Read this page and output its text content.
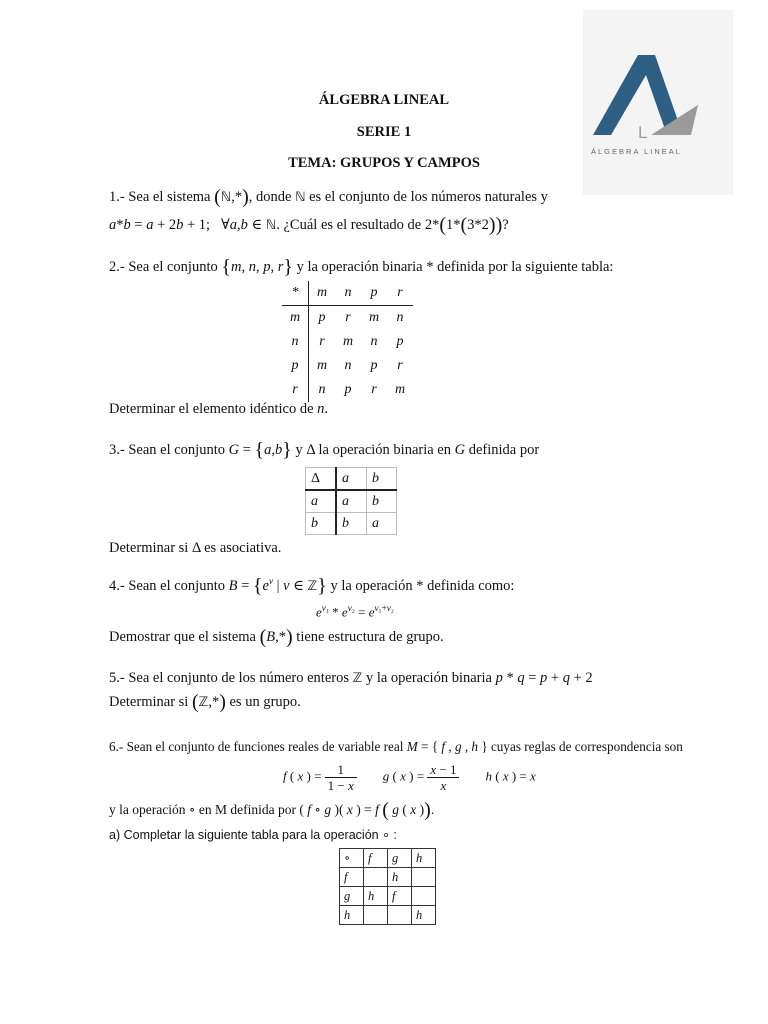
L
ÁLGEBRA LINEAL
ÁLGEBRA LINEAL
SERIE 1
TEMA: GRUPOS Y CAMPOS
1.- Sea el sistema (ℕ,*), donde ℕ es el conjunto de los números naturales y
a*b = a + 2b + 1;   ∀a,b ∈ ℕ. ¿Cuál es el resultado de 2*(1*(3*2))?
2.- Sea el conjunto {m, n, p, r} y la operación binaria * definida por la siguiente tabla:
*	m	n	p	r
m	p	r	m	n
n	r	m	n	p
p	m	n	p	r
r	n	p	r	m
Determinar el elemento idéntico de n.
3.- Sean el conjunto G = {a,b} y Δ la operación binaria en G definida por
Δ	a	b
a	a	b
b	b	a
Determinar si Δ es asociativa.
4.- Sean el conjunto $B = \{e^v$ | v ∈ ℤ} y la operación * definida como:
$e^{v_1} * e^{v_2} = e^{v_1+v_2}$
Demostrar que el sistema (B,*) tiene estructura de grupo.
5.- Sea el conjunto de los número enteros ℤ y la operación binaria p * q = p + q + 2
Determinar si (ℤ,*) es un grupo.
6.- Sean el conjunto de funciones reales de variable real M = { f , g , h } cuyas reglas de correspondencia son
f ( x ) = $\frac{1}{1 - x}$ g ( x ) = $\frac{x - 1}{x}$ h ( x ) = x
y la operación ∘ en M definida por ( f ∘ g )( x ) = f ( g ( x )).
a) Completar la siguiente tabla para la operación ∘ :
∘	f	g	h
f		h	
g	h	f	
h			h
